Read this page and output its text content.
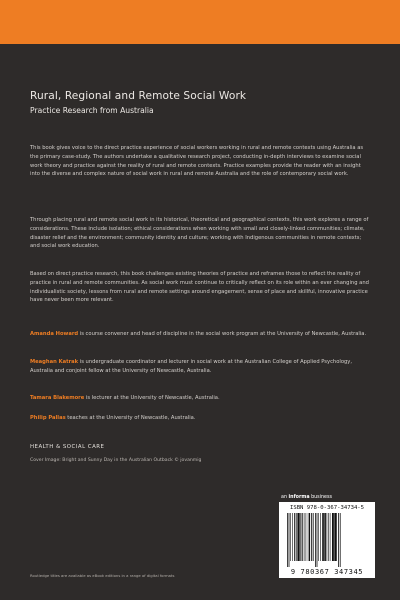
Rural, Regional and Remote Social Work
Practice Research from Australia

This book gives voice to the direct practice experience of social workers working in rural and remote contexts using Australia as the primary case-study. The authors undertake a qualitative research project, conducting in-depth interviews to examine social work theory and practice against the reality of rural and remote contexts. Practice examples provide the reader with an insight into the diverse and complex nature of social work in rural and remote Australia and the role of contemporary social work.

Through placing rural and remote social work in its historical, theoretical and geographical contexts, this work explores a range of considerations. These include isolation; ethical considerations when working with small and closely-linked communities; climate, disaster relief and the environment; community identity and culture; working with Indigenous communities in remote contexts; and social work education.

Based on direct practice research, this book challenges existing theories of practice and reframes those to reflect the reality of practice in rural and remote communities. As social work must continue to critically reflect on its role within an ever changing and individualistic society, lessons from rural and remote settings around engagement, sense of place and skillful, innovative practice have never been more relevant.

Amanda Howard is course convener and head of discipline in the social work program at the University of Newcastle, Australia.

Meaghan Katrak is undergraduate coordinator and lecturer in social work at the Australian College of Applied Psychology, Australia and conjoint fellow at the University of Newcastle, Australia.

Tamara Blakemore is lecturer at the University of Newcastle, Australia.

Philip Pallas teaches at the University of Newcastle, Australia.

HEALTH & SOCIAL CARE
Cover Image: Bright and Sunny Day in the Australian Outback © jovanmig
an informa business
ISBN 978-0-367-34734-5
9 780367 347345
Routledge titles are available as eBook editions in a range of digital formats
